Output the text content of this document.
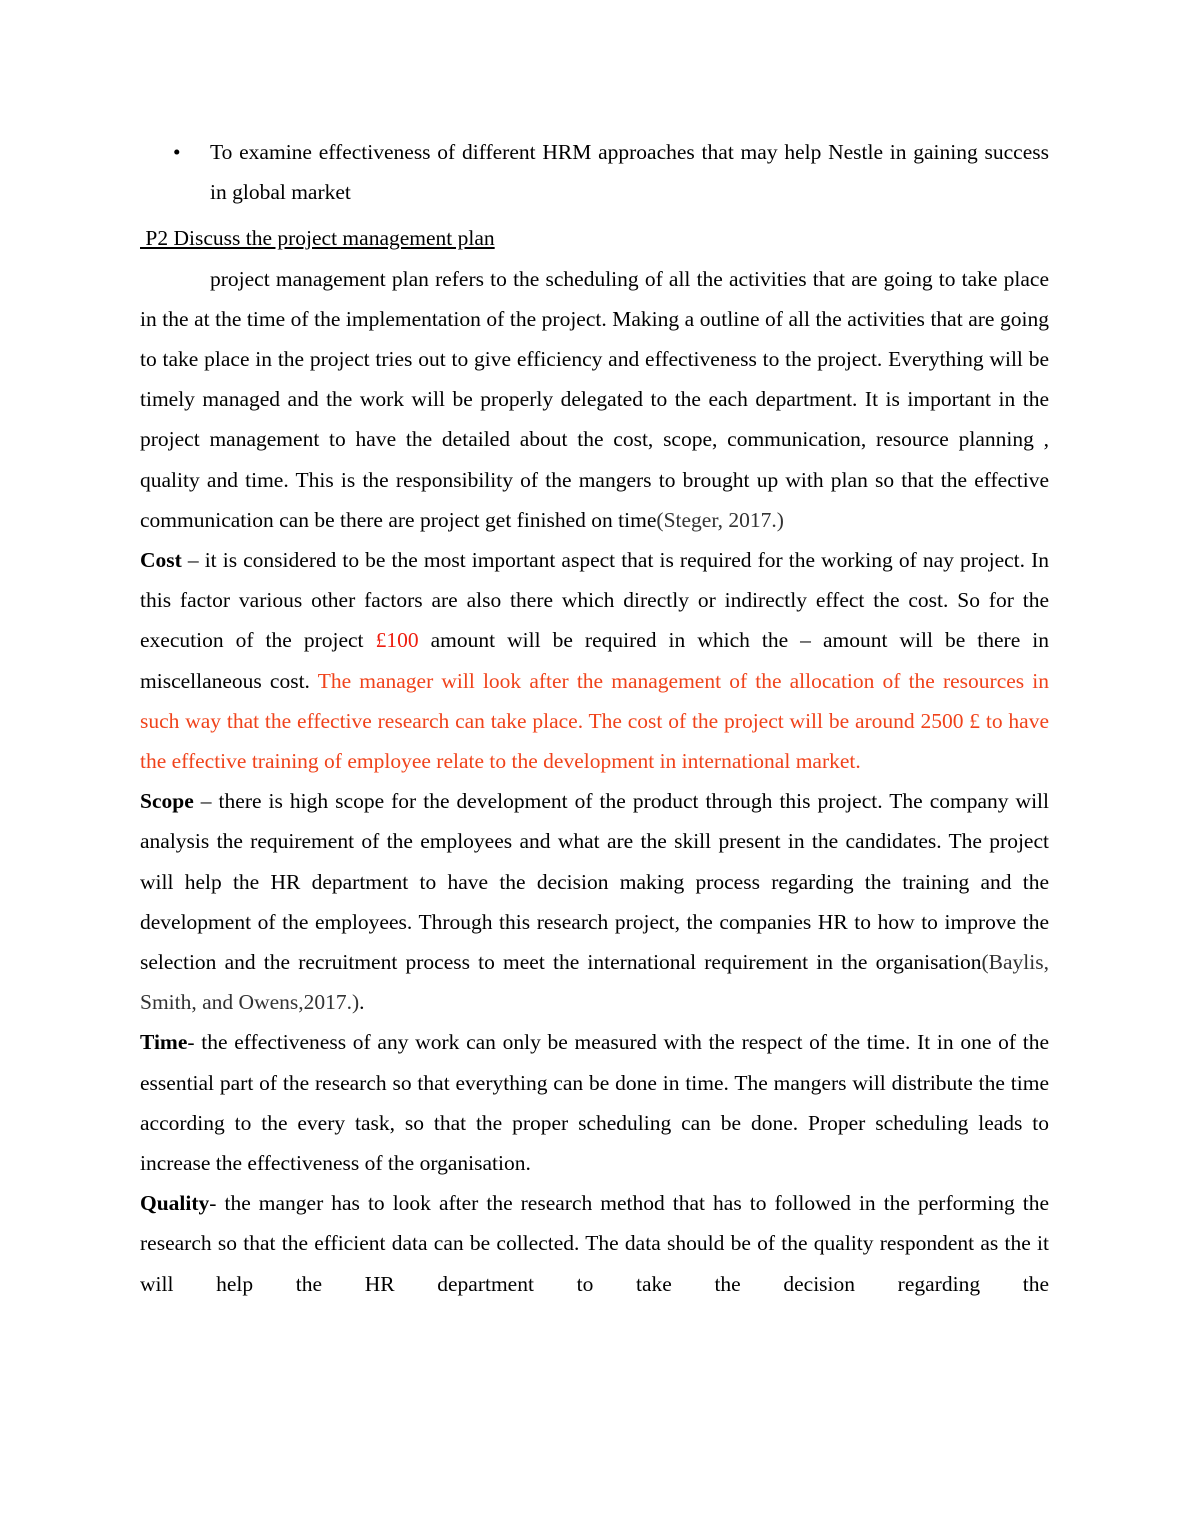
•	To examine effectiveness of different HRM approaches that may help Nestle in gaining success in global market

P2 Discuss the project management plan

project management plan refers to the scheduling of all the activities that are going to take place in the at the time of the implementation of the project. Making a outline of all the activities that are going to take place in the project tries out to give efficiency and effectiveness to the project. Everything will be timely managed and the work will be properly delegated to the each department. It is important in the project management to have the detailed about the cost, scope, communication, resource planning , quality and time. This is the responsibility of the mangers to brought up with plan so that the effective communication can be there are project get finished on time(Steger, 2017.)

Cost – it is considered to be the most important aspect that is required for the working of nay project. In this factor various other factors are also there which directly or indirectly effect the cost. So for the execution of the project £100 amount will be required in which the – amount will be there in miscellaneous cost. The manager will look after the management of the allocation of the resources in such way that the effective research can take place. The cost of the project will be around 2500 £ to have the effective training of employee relate to the development in international market.

Scope – there is high scope for the development of the product through this project. The company will analysis the requirement of the employees and what are the skill present in the candidates. The project will help the HR department to have the decision making process regarding the training and the development of the employees. Through this research project, the companies HR to how to improve the selection and the recruitment process to meet the international requirement in the organisation(Baylis, Smith, and Owens,2017.).

Time- the effectiveness of any work can only be measured with the respect of the time. It in one of the essential part of the research so that everything can be done in time. The mangers will distribute the time according to the every task, so that the proper scheduling can be done. Proper scheduling leads to increase the effectiveness of the organisation.

Quality- the manger has to look after the research method that has to followed in the performing the research so that the efficient data can be collected. The data should be of the quality respondent as the it will help the HR department to take the decision regarding the
